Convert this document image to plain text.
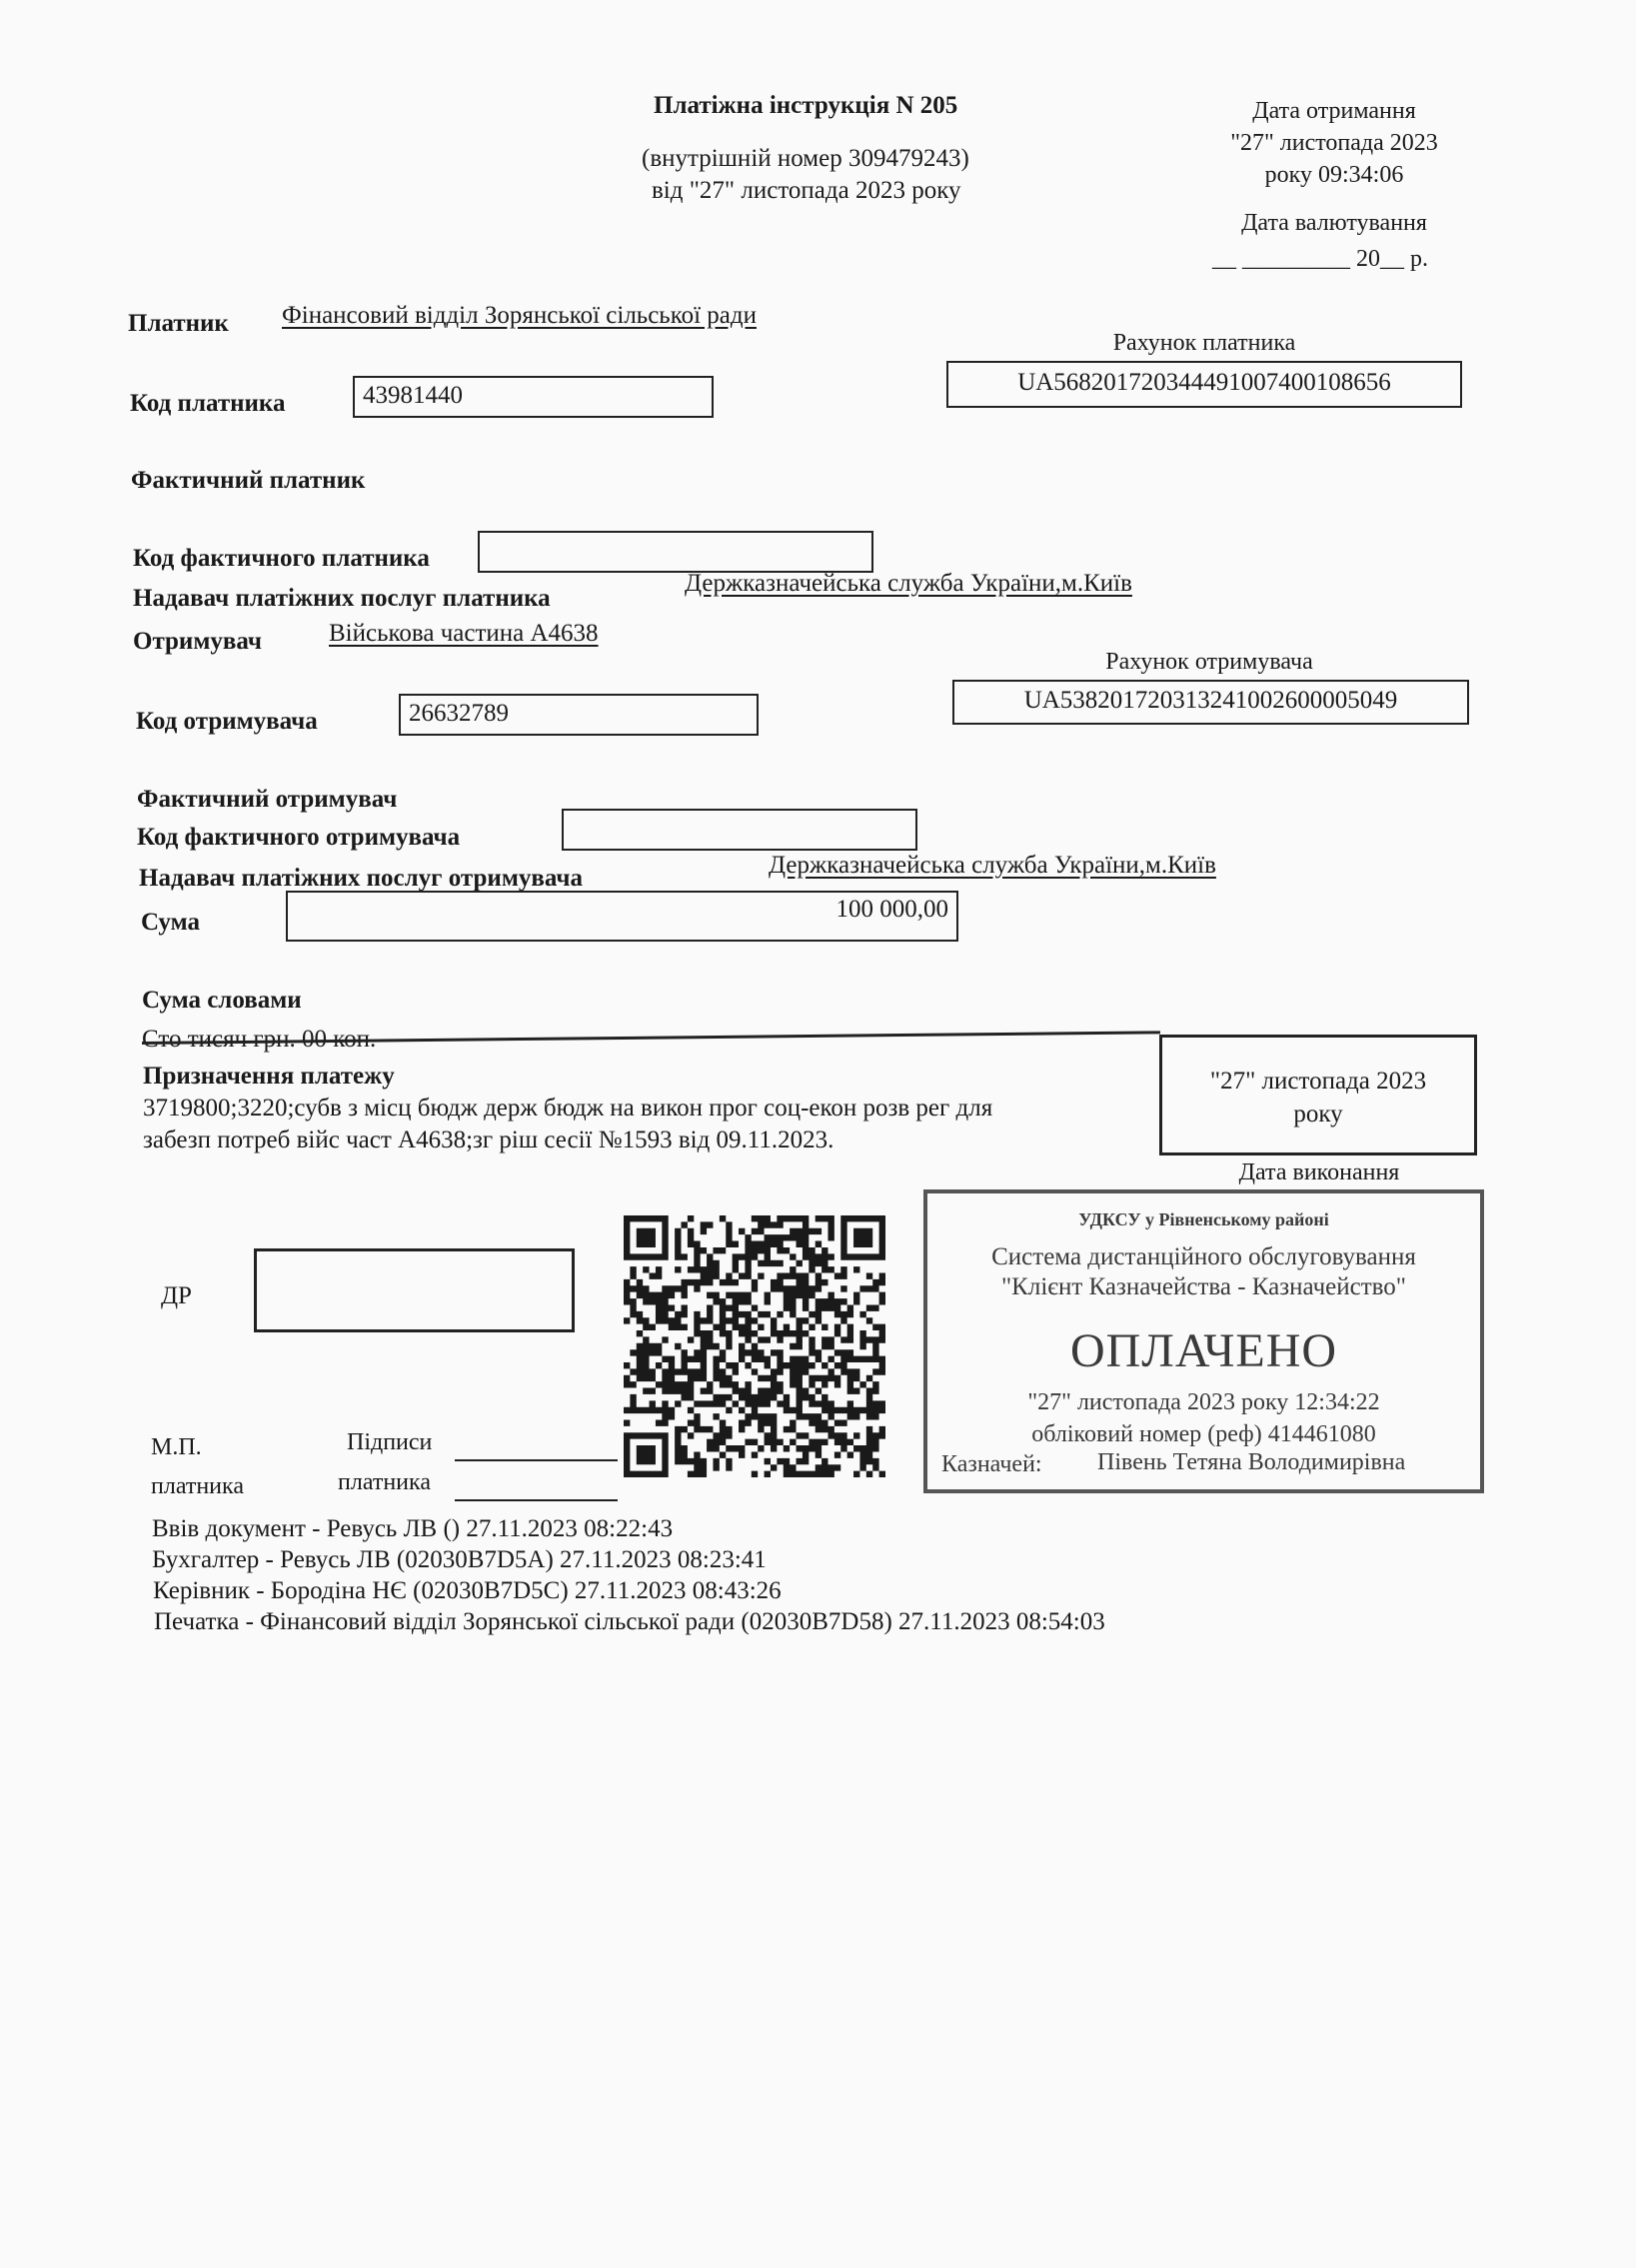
Платіжна інструкція N 205
(внутрішній номер 309479243)
від "27" листопада 2023 року
Дата отримання
"27" листопада 2023
року 09:34:06
Дата валютування
__ _________ 20__ р.
Платник Фінансовий відділ Зорянської сільської ради
Рахунок платника
UA568201720344491007400108656
Код платника	43981440
Фактичний платник
Код фактичного платника
Надавач платіжних послуг платника
Держказначейська служба України,м.Київ
Отримувач	Військова частина А4638
Рахунок отримувача
UA538201720313241002600005049
Код отримувача	26632789
Фактичний отримувач
Код фактичного отримувача
Надавач платіжних послуг отримувача	Держказначейська служба України,м.Київ
Сума	100 000,00
Сума словами
Сто тисяч грн. 00 коп.
Призначення платежу
3719800;3220;субв з місц бюдж держ бюдж на викон прог соц-екон розв рег для
забезп потреб війс част А4638;зг ріш сесії №1593 від 09.11.2023.
"27" листопада 2023
року
Дата виконання
ДР
М.П.
платника
Підписи
платника
УДКСУ у Рівненському районі
Система дистанційного обслуговування
"Клієнт Казначейства - Казначейство"
ОПЛАЧЕНО
"27" листопада 2023 року 12:34:22
обліковий номер (реф) 414461080
Казначей: Півень Тетяна Володимирівна
Ввів документ - Ревусь ЛВ () 27.11.2023 08:22:43
Бухгалтер - Ревусь ЛВ (02030B7D5A) 27.11.2023 08:23:41
Керівник - Бородіна НЄ (02030B7D5C) 27.11.2023 08:43:26
Печатка - Фінансовий відділ Зорянської сільської ради (02030B7D58) 27.11.2023 08:54:03
